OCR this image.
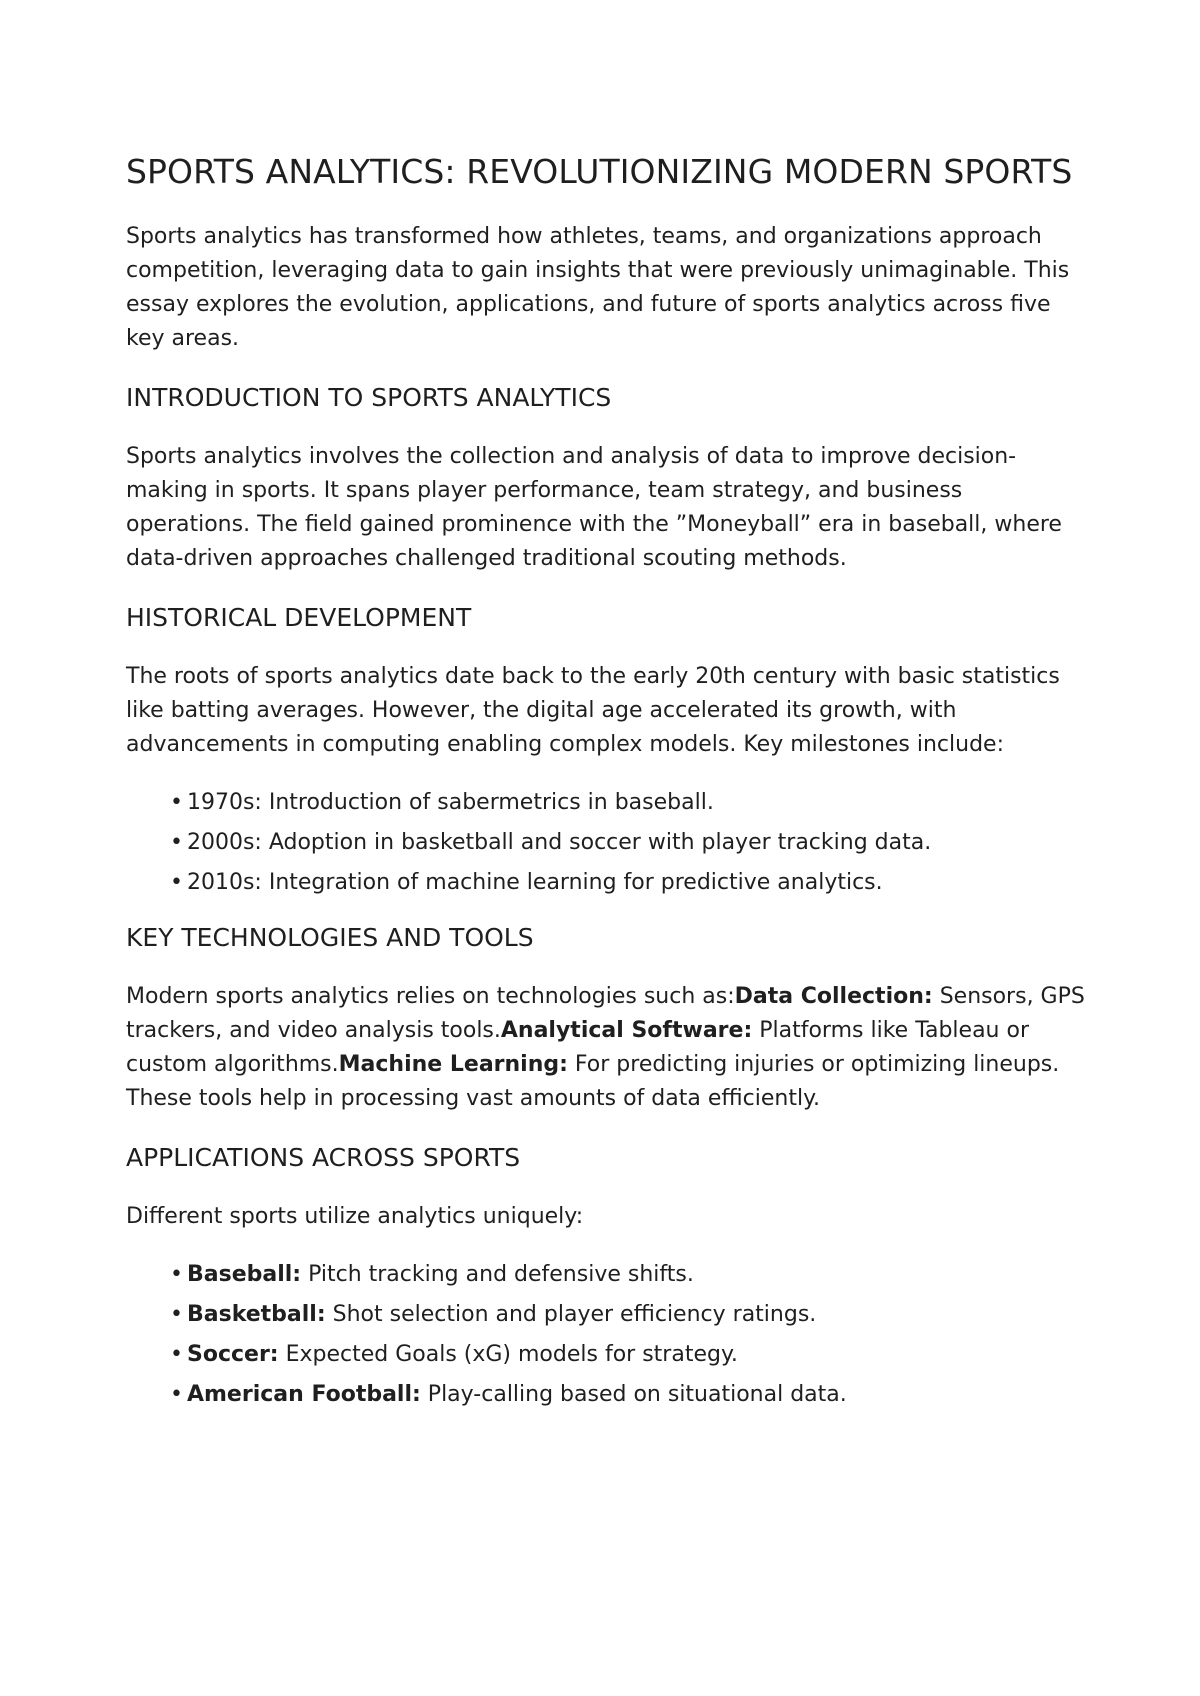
SPORTS ANALYTICS: REVOLUTIONIZING MODERN SPORTS

Sports analytics has transformed how athletes, teams, and organizations approach competition, leveraging data to gain insights that were previously unimaginable. This essay explores the evolution, applications, and future of sports analytics across five key areas.

INTRODUCTION TO SPORTS ANALYTICS

Sports analytics involves the collection and analysis of data to improve decision-making in sports. It spans player performance, team strategy, and business operations. The field gained prominence with the ”Moneyball” era in baseball, where data-driven approaches challenged traditional scouting methods.

HISTORICAL DEVELOPMENT

The roots of sports analytics date back to the early 20th century with basic statistics like batting averages. However, the digital age accelerated its growth, with advancements in computing enabling complex models. Key milestones include:

• 1970s: Introduction of sabermetrics in baseball.
• 2000s: Adoption in basketball and soccer with player tracking data.
• 2010s: Integration of machine learning for predictive analytics.
KEY TECHNOLOGIES AND TOOLS

Modern sports analytics relies on technologies such as:Data Collection: Sensors, GPS trackers, and video analysis tools.Analytical Software: Platforms like Tableau or custom algorithms.Machine Learning: For predicting injuries or optimizing lineups. These tools help in processing vast amounts of data efficiently.

APPLICATIONS ACROSS SPORTS

Different sports utilize analytics uniquely:

• Baseball: Pitch tracking and defensive shifts.
• Basketball: Shot selection and player efficiency ratings.
• Soccer: Expected Goals (xG) models for strategy.
• American Football: Play-calling based on situational data.
